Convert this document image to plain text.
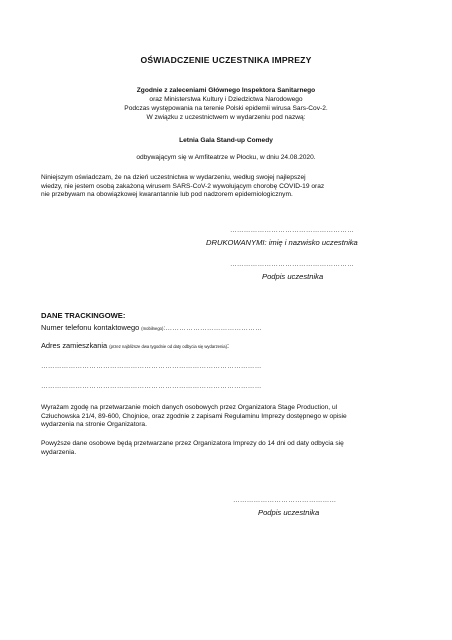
OŚWIADCZENIE UCZESTNIKA IMPREZY
Zgodnie z zaleceniami Głównego Inspektora Sanitarnego
oraz Ministerstwa Kultury i Dziedzictwa Narodowego
Podczas występowania na terenie Polski epidemii wirusa Sars-Cov-2.
W związku z uczestnictwem w wydarzeniu pod nazwą:
Letnia Gala Stand-up Comedy
odbywającym się w Amfiteatrze w Płocku, w dniu 24.08.2020.
Niniejszym oświadczam, że na dzień uczestnictwa w wydarzeniu, według swojej najlepszej
wiedzy, nie jestem osobą zakażoną wirusem SARS-CoV-2 wywołującym chorobę COVID-19 oraz
nie przebywam na obowiązkowej kwarantannie lub pod nadzorem epidemiologicznym.
………………………………………………
DRUKOWANYMI: imię i nazwisko uczestnika
………………………………………………
Podpis uczestnika
DANE TRACKINGOWE:
Numer telefonu kontaktowego (mobilnego):……………………………………
Adres zamieszkania (przez najbliższe dwa tygodnie od daty odbycia się wydarzenia):
……………………………………………………………………………………
……………………………………………………………………………………
Wyrażam zgodę na przetwarzanie moich danych osobowych przez Organizatora Stage Production, ul
Człuchowska 21/4, 89-600, Chojnice, oraz zgodnie z zapisami Regulaminu Imprezy dostępnego w opisie
wydarzenia na stronie Organizatora.
Powyższe dane osobowe będą przetwarzane przez Organizatora Imprezy do 14 dni od daty odbycia się
wydarzenia.
………………………………………
Podpis uczestnika
